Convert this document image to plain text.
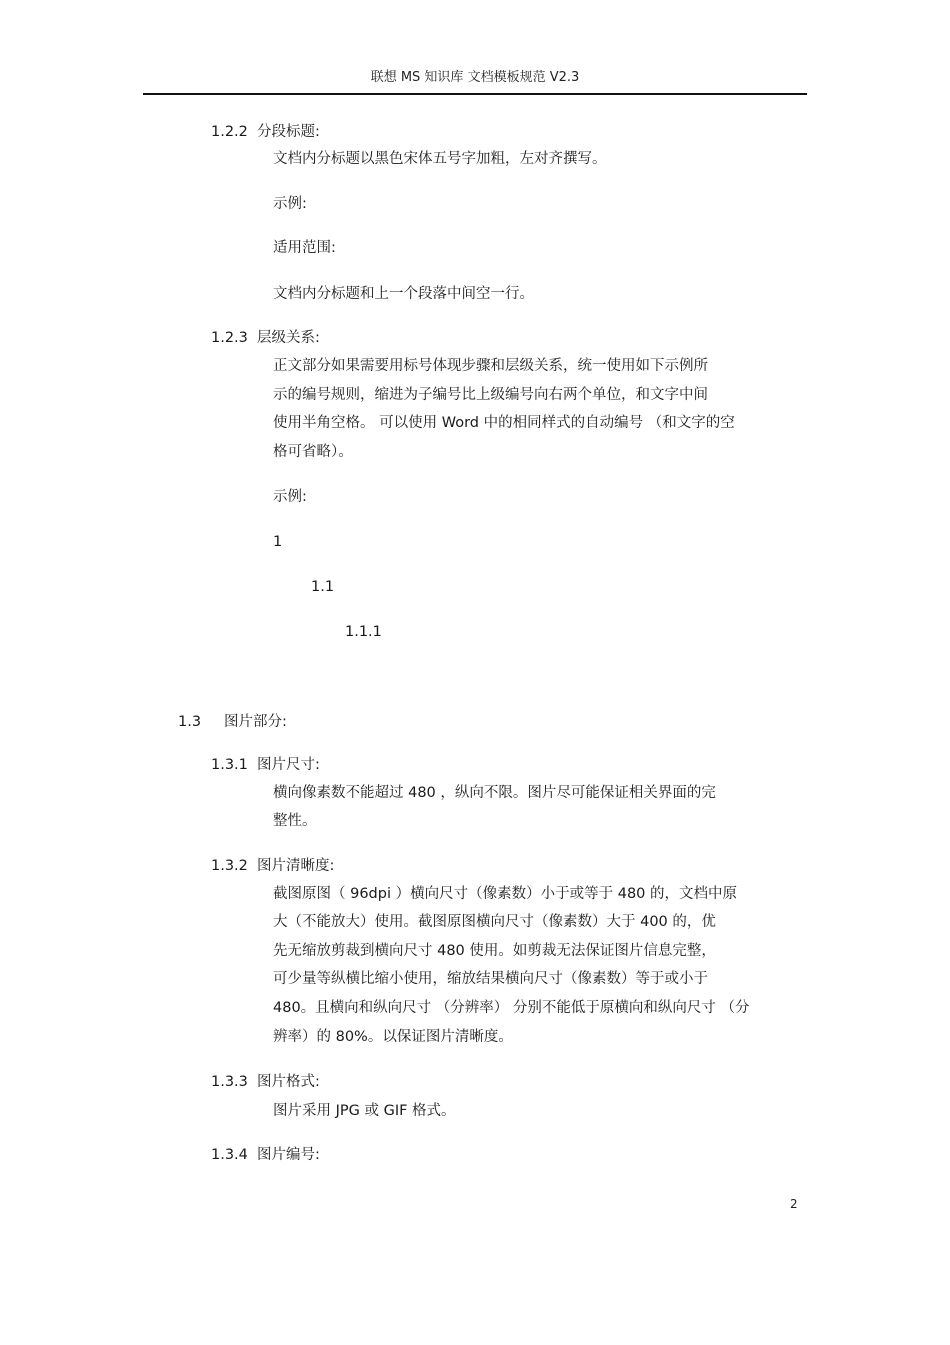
联想 MS 知识库 文档模板规范 V2.3
1.2.2 分段标题:
文档内分标题以黑色宋体五号字加粗，左对齐撰写。
示例:
适用范围:
文档内分标题和上一个段落中间空一行。
1.2.3 层级关系:
正文部分如果需要用标号体现步骤和层级关系，统一使用如下示例所
示的编号规则，缩进为子编号比上级编号向右两个单位，和文字中间
使用半角空格。 可以使用 Word 中的相同样式的自动编号 （和文字的空
格可省略）。
示例:
1
1.1
1.1.1
1.3 图片部分:
1.3.1 图片尺寸:
横向像素数不能超过 480 ，纵向不限。图片尽可能保证相关界面的完
整性。
1.3.2 图片清晰度:
截图原图（ 96dpi ）横向尺寸（像素数）小于或等于 480 的，文档中原
大（不能放大）使用。截图原图横向尺寸（像素数）大于 400 的，优
先无缩放剪裁到横向尺寸 480 使用。如剪裁无法保证图片信息完整，
可少量等纵横比缩小使用，缩放结果横向尺寸（像素数）等于或小于
480。且横向和纵向尺寸 （分辨率） 分别不能低于原横向和纵向尺寸 （分
辨率）的 80%。以保证图片清晰度。
1.3.3 图片格式:
图片采用 JPG 或 GIF 格式。
1.3.4 图片编号:
2
